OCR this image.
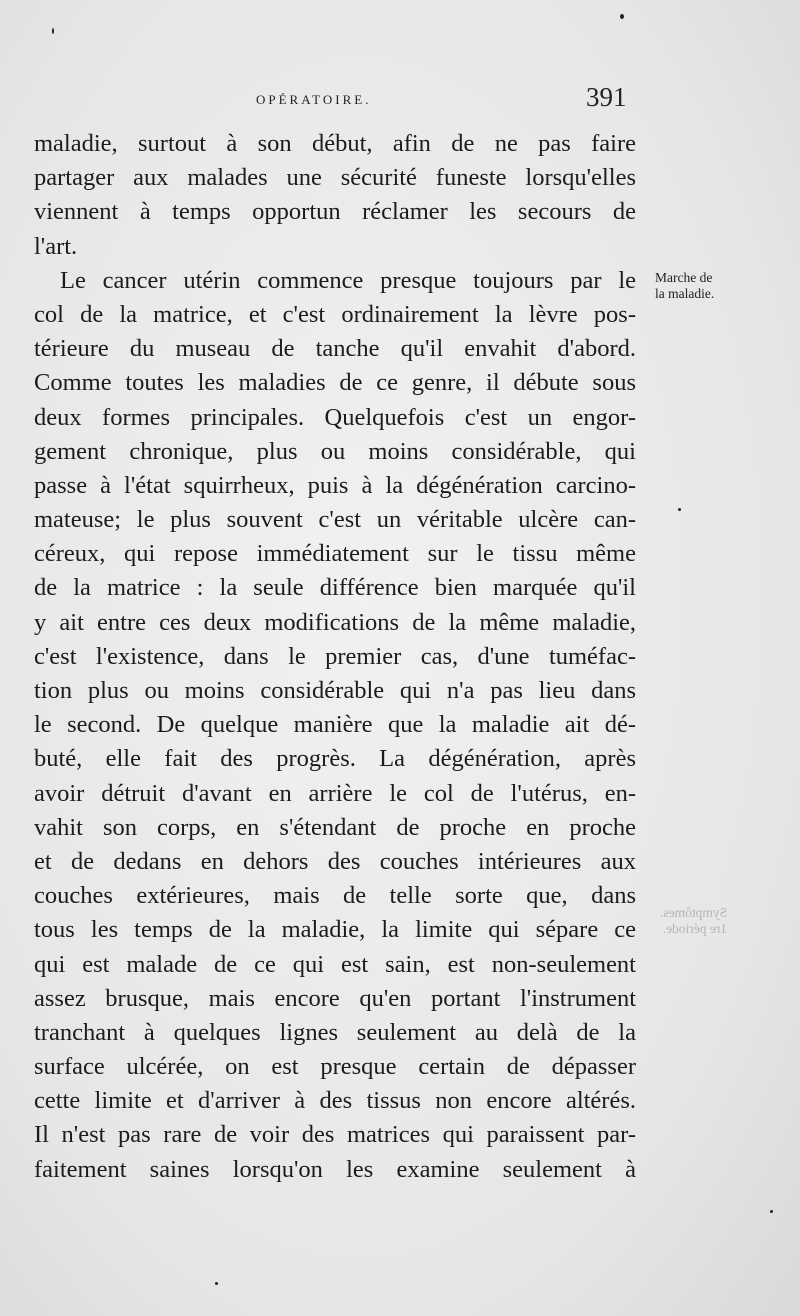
OPÉRATOIRE.	391
maladie, surtout à son début, afin de ne pas faire
partager aux malades une sécurité funeste lorsqu'elles
viennent à temps opportun réclamer les secours de
l'art.
Le cancer utérin commence presque toujours par le
col de la matrice, et c'est ordinairement la lèvre pos-
térieure du museau de tanche qu'il envahit d'abord.
Comme toutes les maladies de ce genre, il débute sous
deux formes principales. Quelquefois c'est un engor-
gement chronique, plus ou moins considérable, qui
passe à l'état squirrheux, puis à la dégénération carcino-
mateuse; le plus souvent c'est un véritable ulcère can-
céreux, qui repose immédiatement sur le tissu même
de la matrice : la seule différence bien marquée qu'il
y ait entre ces deux modifications de la même maladie,
c'est l'existence, dans le premier cas, d'une tuméfac-
tion plus ou moins considérable qui n'a pas lieu dans
le second. De quelque manière que la maladie ait dé-
buté, elle fait des progrès. La dégénération, après
avoir détruit d'avant en arrière le col de l'utérus, en-
vahit son corps, en s'étendant de proche en proche
et de dedans en dehors des couches intérieures aux
couches extérieures, mais de telle sorte que, dans
tous les temps de la maladie, la limite qui sépare ce
qui est malade de ce qui est sain, est non-seulement
assez brusque, mais encore qu'en portant l'instrument
tranchant à quelques lignes seulement au delà de la
surface ulcérée, on est presque certain de dépasser
cette limite et d'arriver à des tissus non encore altérés.
Il n'est pas rare de voir des matrices qui paraissent par-
faitement saines lorsqu'on les examine seulement à
Marche de
la maladie.
Symptômes.
1re période.
